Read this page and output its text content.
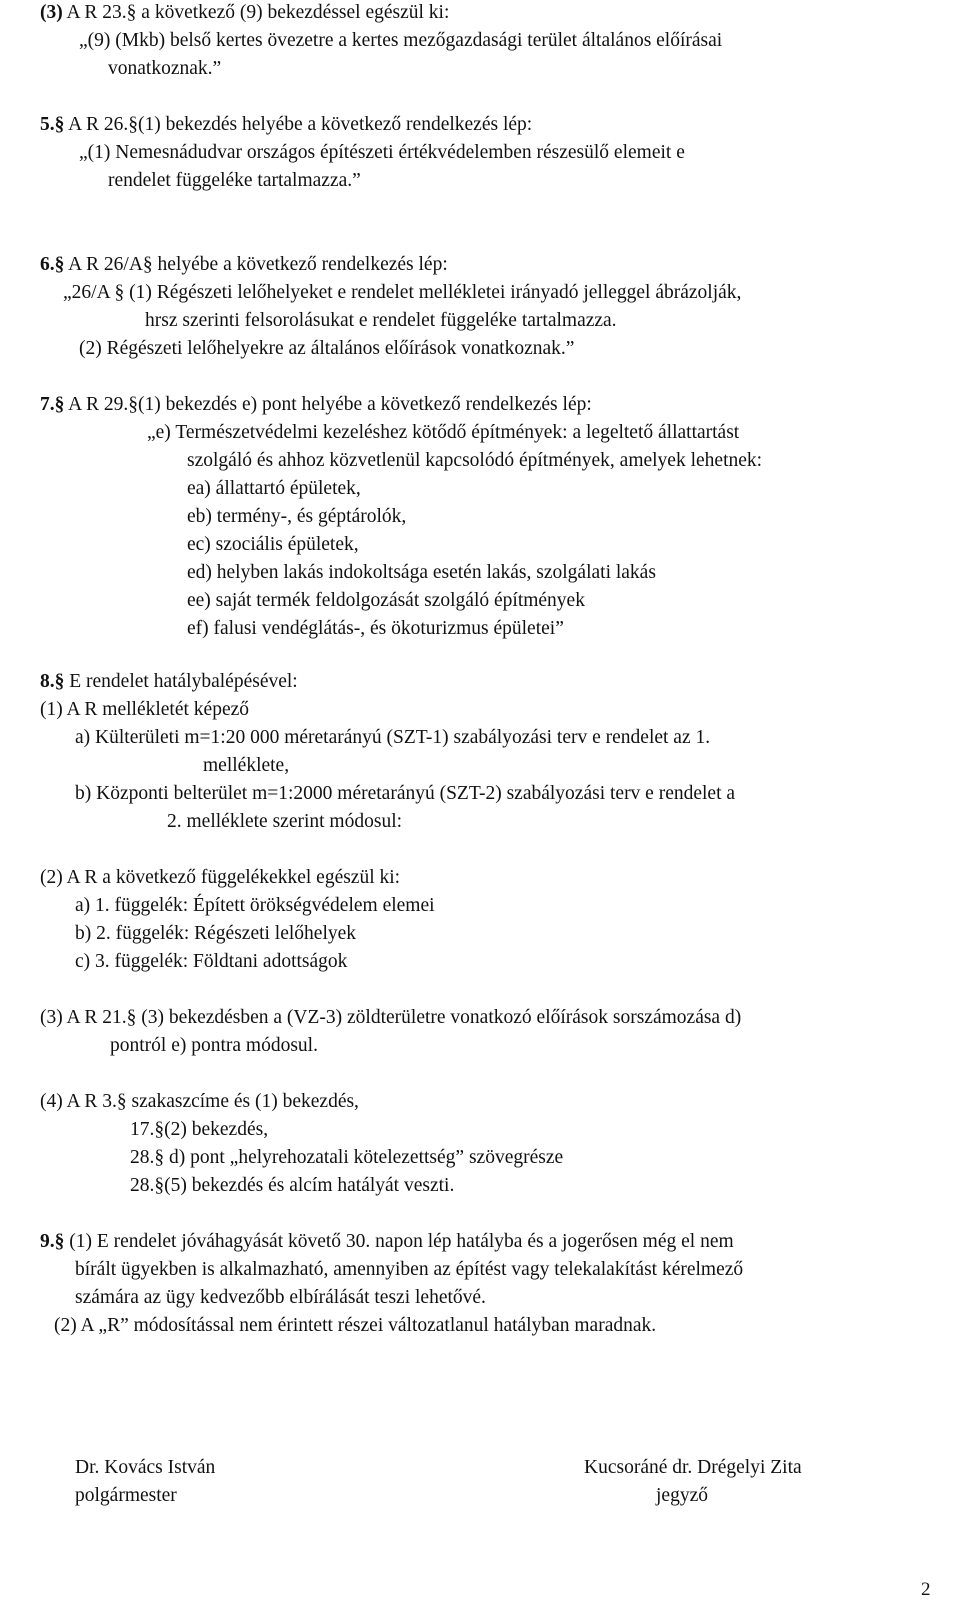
(3) A R 23.§ a következő (9) bekezdéssel egészül ki:
„(9) (Mkb) belső kertes övezetre a kertes mezőgazdasági terület általános előírásai
vonatkoznak.”
5.§ A R 26.§(1) bekezdés helyébe a következő rendelkezés lép:
„(1) Nemesnádudvar országos építészeti értékvédelemben részesülő elemeit e
rendelet függeléke tartalmazza.”
6.§ A R 26/A§ helyébe a következő rendelkezés lép:
„26/A § (1) Régészeti lelőhelyeket e rendelet mellékletei irányadó jelleggel ábrázolják,
hrsz szerinti felsorolásukat e rendelet függeléke tartalmazza.
(2) Régészeti lelőhelyekre az általános előírások vonatkoznak.”
7.§ A R 29.§(1) bekezdés e) pont helyébe a következő rendelkezés lép:
„e) Természetvédelmi kezeléshez kötődő építmények: a legeltető állattartást
szolgáló és ahhoz közvetlenül kapcsolódó építmények, amelyek lehetnek:
ea) állattartó épületek,
eb) termény-, és géptárolók,
ec) szociális épületek,
ed) helyben lakás indokoltsága esetén lakás, szolgálati lakás
ee) saját termék feldolgozását szolgáló építmények
ef) falusi vendéglátás-, és ökoturizmus épületei”
8.§ E rendelet hatálybalépésével:
(1) A R mellékletét képező
a) Külterületi m=1:20 000 méretarányú (SZT-1) szabályozási terv e rendelet az 1.
melléklete,
b) Központi belterület m=1:2000 méretarányú (SZT-2) szabályozási terv e rendelet a
2. melléklete szerint módosul:
(2) A R a következő függelékekkel egészül ki:
a) 1. függelék: Épített örökségvédelem elemei
b) 2. függelék: Régészeti lelőhelyek
c) 3. függelék: Földtani adottságok
(3) A R 21.§ (3) bekezdésben a (VZ-3) zöldterületre vonatkozó előírások sorszámozása d)
pontról e) pontra módosul.
(4) A R 3.§ szakaszcíme és (1) bekezdés,
17.§(2) bekezdés,
28.§ d) pont „helyrehozatali kötelezettség” szövegrésze
28.§(5) bekezdés és alcím hatályát veszti.
9.§ (1) E rendelet jóváhagyását követő 30. napon lép hatályba és a jogerősen még el nem
bírált ügyekben is alkalmazható, amennyiben az építést vagy telekalakítást kérelmező
számára az ügy kedvezőbb elbírálását teszi lehetővé.
(2) A „R” módosítással nem érintett részei változatlanul hatályban maradnak.
Dr. Kovács István
polgármester
Kucsoráné dr. Drégelyi Zita
jegyző
2
